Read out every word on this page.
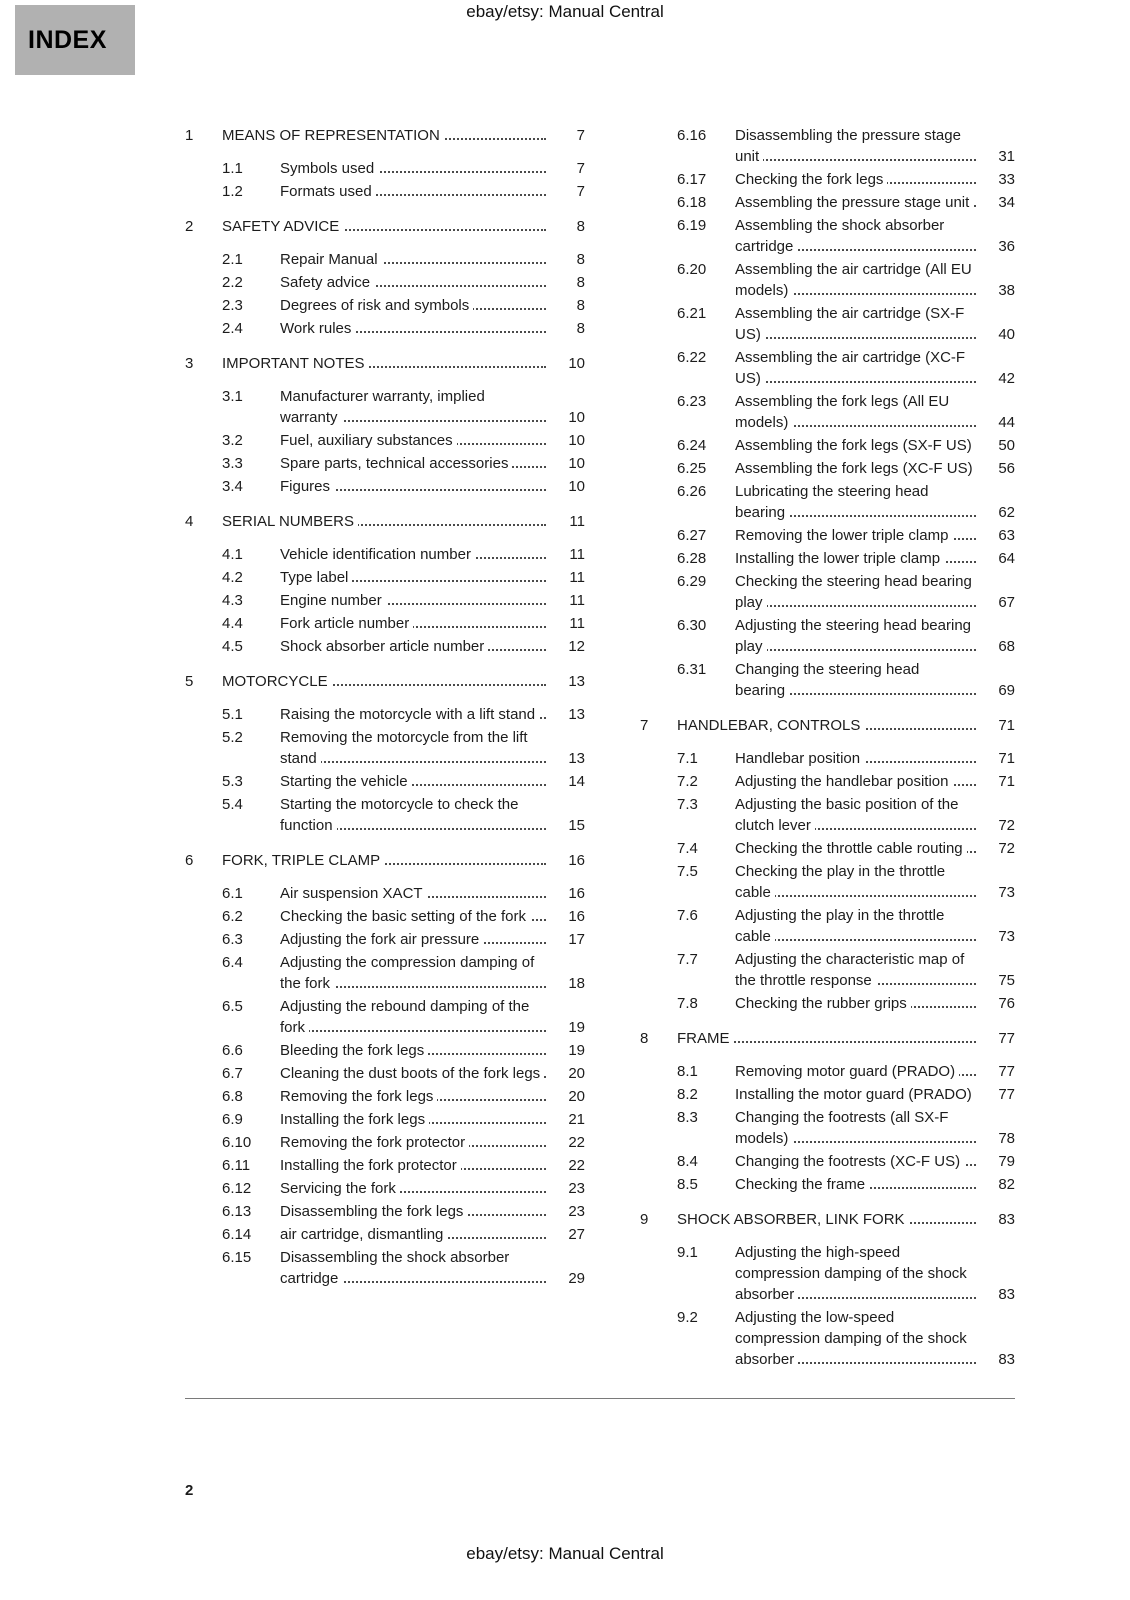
ebay/etsy: Manual Central
INDEX
1	MEANS OF REPRESENTATION	7
1.1	Symbols used	7
1.2	Formats used	7
2	SAFETY ADVICE	8
2.1	Repair Manual	8
2.2	Safety advice	8
2.3	Degrees of risk and symbols	8
2.4	Work rules	8
3	IMPORTANT NOTES	10
3.1	Manufacturer warranty, implied warranty	10
3.2	Fuel, auxiliary substances	10
3.3	Spare parts, technical accessories	10
3.4	Figures	10
4	SERIAL NUMBERS	11
4.1	Vehicle identification number	11
4.2	Type label	11
4.3	Engine number	11
4.4	Fork article number	11
4.5	Shock absorber article number	12
5	MOTORCYCLE	13
5.1	Raising the motorcycle with a lift stand	13
5.2	Removing the motorcycle from the lift stand	13
5.3	Starting the vehicle	14
5.4	Starting the motorcycle to check the function	15
6	FORK, TRIPLE CLAMP	16
6.1	Air suspension XACT	16
6.2	Checking the basic setting of the fork	16
6.3	Adjusting the fork air pressure	17
6.4	Adjusting the compression damping of the fork	18
6.5	Adjusting the rebound damping of the fork	19
6.6	Bleeding the fork legs	19
6.7	Cleaning the dust boots of the fork legs	20
6.8	Removing the fork legs	20
6.9	Installing the fork legs	21
6.10	Removing the fork protector	22
6.11	Installing the fork protector	22
6.12	Servicing the fork	23
6.13	Disassembling the fork legs	23
6.14	air cartridge, dismantling	27
6.15	Disassembling the shock absorber cartridge	29
6.16	Disassembling the pressure stage unit	31
6.17	Checking the fork legs	33
6.18	Assembling the pressure stage unit	34
6.19	Assembling the shock absorber cartridge	36
6.20	Assembling the air cartridge (All EU models)	38
6.21	Assembling the air cartridge (SX-F US)	40
6.22	Assembling the air cartridge (XC-F US)	42
6.23	Assembling the fork legs (All EU models)	44
6.24	Assembling the fork legs (SX-F US)	50
6.25	Assembling the fork legs (XC-F US)	56
6.26	Lubricating the steering head bearing	62
6.27	Removing the lower triple clamp	63
6.28	Installing the lower triple clamp	64
6.29	Checking the steering head bearing play	67
6.30	Adjusting the steering head bearing play	68
6.31	Changing the steering head bearing	69
7	HANDLEBAR, CONTROLS	71
7.1	Handlebar position	71
7.2	Adjusting the handlebar position	71
7.3	Adjusting the basic position of the clutch lever	72
7.4	Checking the throttle cable routing	72
7.5	Checking the play in the throttle cable	73
7.6	Adjusting the play in the throttle cable	73
7.7	Adjusting the characteristic map of the throttle response	75
7.8	Checking the rubber grips	76
8	FRAME	77
8.1	Removing motor guard (PRADO)	77
8.2	Installing the motor guard (PRADO)	77
8.3	Changing the footrests (all SX-F models)	78
8.4	Changing the footrests (XC-F US)	79
8.5	Checking the frame	82
9	SHOCK ABSORBER, LINK FORK	83
9.1	Adjusting the high-speed compression damping of the shock absorber	83
9.2	Adjusting the low-speed compression damping of the shock absorber	83
2
ebay/etsy: Manual Central
